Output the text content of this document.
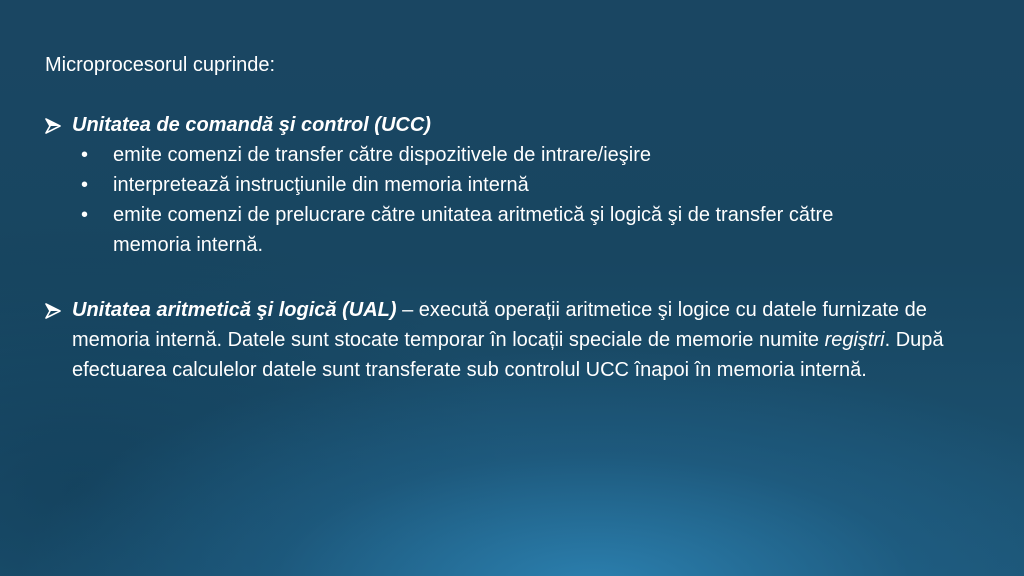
Microprocesorul cuprinde:
Unitatea de comandă şi control (UCC)
• emite comenzi de transfer către dispozitivele de intrare/ieşire
• interpretează instrucţiunile din memoria internă
• emite comenzi de prelucrare către unitatea aritmetică şi logică şi de transfer către
memoria internă.
Unitatea aritmetică şi logică (UAL) – execută operații aritmetice şi logice cu datele furnizate de memoria internă. Datele sunt stocate temporar în locații speciale de memorie numite regiştri. După efectuarea calculelor datele sunt transferate sub controlul UCC înapoi în memoria internă.
